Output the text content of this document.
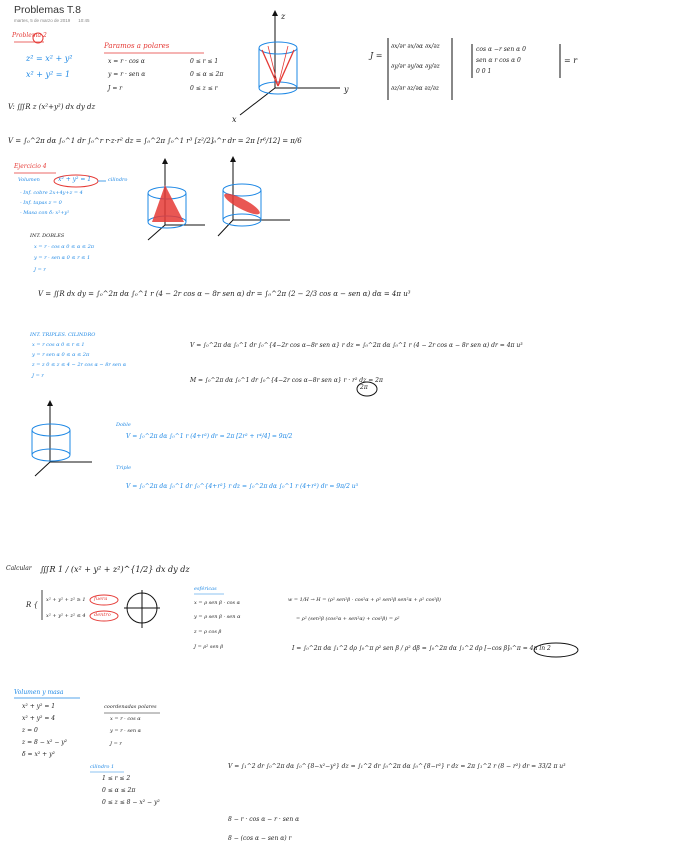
Problemas T.8
martes, 5 de marzo de 2019 10:45
Problema 2
z² = x² + y²
x² + y² = 1
Paramos a polares
x = r · cos α
y = r · sen α
J = r
0 ≤ r ≤ 1
0 ≤ α ≤ 2π
0 ≤ z ≤ r
V: ∭R z (x²+y²) dx dy dz
V = ∫₀^2π dα ∫₀^1 dr ∫₀^r r·z·r² dz = ∫₀^2π ∫₀^1 r³ [z²/2]₀^r dr = 2π [r⁶/12] = π/6
z
y
x
J =
∂x/∂r ∂x/∂α ∂x/∂z
∂y/∂r ∂y/∂α ∂y/∂z
∂z/∂r ∂z/∂α ∂z/∂z
cos α −r sen α 0
sen α r cos α 0
0 0 1
= r
Ejercicio 4
Volumen	x² + y² = 1	cilindro
- Inf. cobre 2x+4y+z = 4
- Inf. tapas z = 0
- Masa con δ: x²+y²
INT. DOBLES
x = r · cos α 0 ≤ α ≤ 2π
y = r · sen α 0 ≤ r ≤ 1
J = r
V = ∬R dx dy = ∫₀^2π dα ∫₀^1 r (4 − 2r cos α − 8r sen α) dr = ∫₀^2π (2 − 2/3 cos α − sen α) dα = 4π u³
INT. TRIPLES. CILINDRO
x = r cos α 0 ≤ r ≤ 1
y = r sen α 0 ≤ α ≤ 2π
z = z 0 ≤ z ≤ 4 − 2r cos α − 8r sen α
J = r
V = ∫₀^2π dα ∫₀^1 dr ∫₀^{4−2r cos α−8r sen α} r dz = ∫₀^2π dα ∫₀^1 r (4 − 2r cos α − 8r sen α) dr = 4π u³
M = ∫₀^2π dα ∫₀^1 dr ∫₀^{4−2r cos α−8r sen α} r · r² dz = 2π
2π
Doble
V = ∫₀^2π dα ∫₀^1 r (4+r²) dr = 2π [2r² + r⁴/4] = 9π/2
Triple
V = ∫₀^2π dα ∫₀^1 dr ∫₀^{4+r²} r dz = ∫₀^2π dα ∫₀^1 r (4+r²) dr = 9π/2 u³
Calcular ∭R 1 / (x² + y² + z²)^{1/2} dx dy dz
R {
x² + y² + z² ≥ 1
x² + y² + z² ≤ 4
fuera
dentro
esféricas
x = ρ sen β · cos α
y = ρ sen β · sen α
z = ρ cos β
J = ρ² sen β
w = 1/H → H = (ρ² sen²β · cos²α + ρ² sen²β sen²α + ρ² cos²β)
= ρ² (sen²β (cos²α + sen²α) + cos²β) = ρ²
I = ∫₀^2π dα ∫₁^2 dρ ∫₀^π ρ² sen β / ρ² dβ = ∫₀^2π dα ∫₁^2 dρ [−cos β]₀^π = 4π ln 2
Volumen y masa
x² + y² = 1
x² + y² = 4
z = 0
z = 8 − x² − y²
δ = x² + y²
coordenadas polares
x = r · cos α
y = r · sen α
J = r
cilindro 1
1 ≤ r ≤ 2
0 ≤ α ≤ 2π
0 ≤ z ≤ 8 − x² − y²
V = ∫₁^2 dr ∫₀^2π dα ∫₀^{8−x²−y²} dz = ∫₁^2 dr ∫₀^2π dα ∫₀^{8−r²} r dz = 2π ∫₁^2 r (8 − r²) dr = 33/2 π u³
8 − r · cos α − r · sen α
8 − (cos α − sen α) r
